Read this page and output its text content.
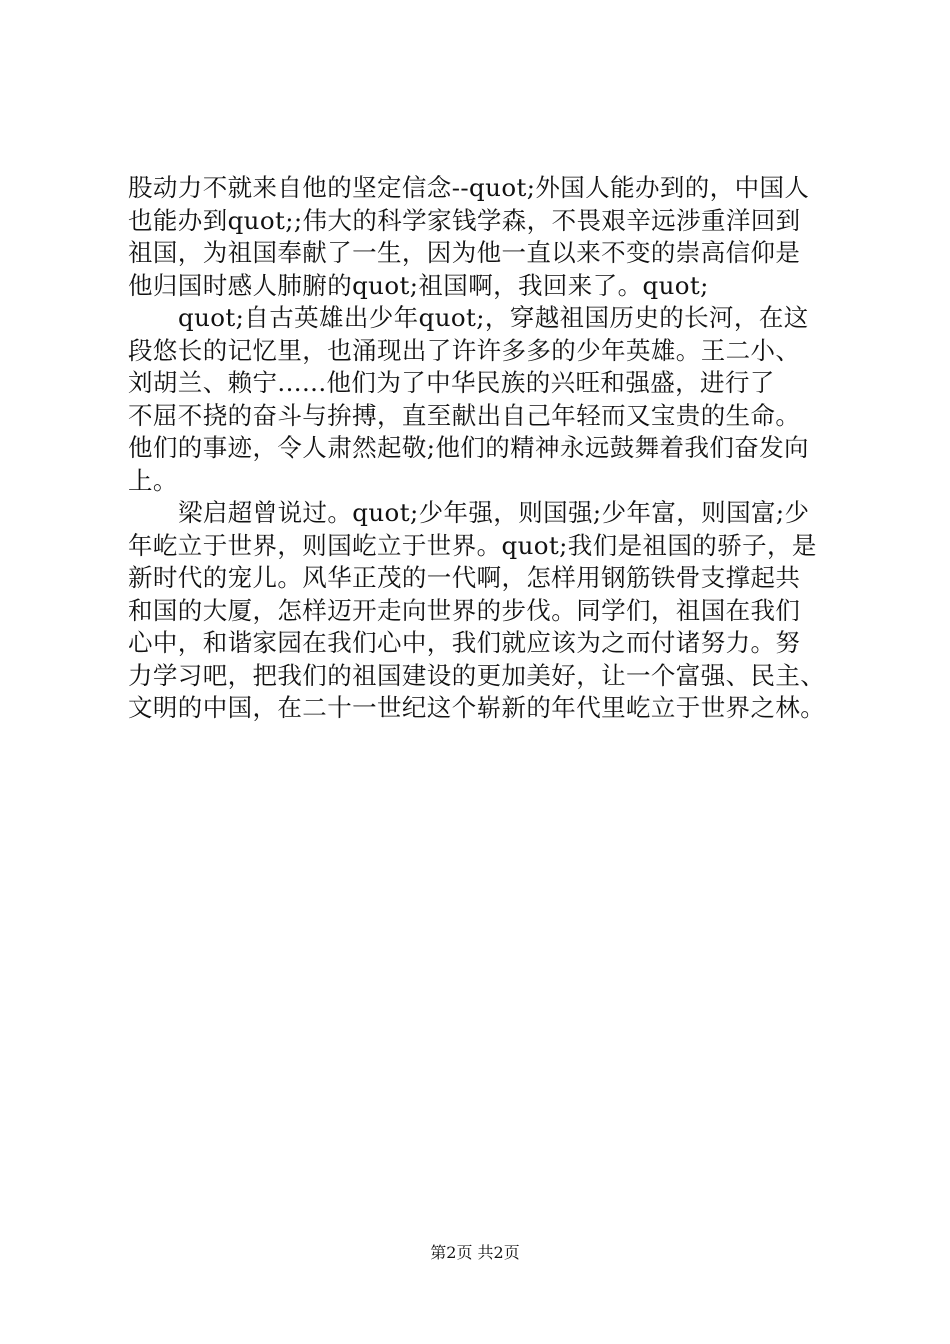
股动力不就来自他的坚定信念--quot;外国人能办到的，中国人
也能办到quot;;伟大的科学家钱学森，不畏艰辛远涉重洋回到
祖国，为祖国奉献了一生，因为他一直以来不变的崇高信仰是
他归国时感人肺腑的quot;祖国啊，我回来了。quot;
quot;自古英雄出少年quot;，穿越祖国历史的长河，在这
段悠长的记忆里，也涌现出了许许多多的少年英雄。王二小、
刘胡兰、赖宁......他们为了中华民族的兴旺和强盛，进行了
不屈不挠的奋斗与拚搏，直至献出自己年轻而又宝贵的生命。
他们的事迹，令人肃然起敬;他们的精神永远鼓舞着我们奋发向
上。
梁启超曾说过。quot;少年强，则国强;少年富，则国富;少
年屹立于世界，则国屹立于世界。quot;我们是祖国的骄子，是
新时代的宠儿。风华正茂的一代啊，怎样用钢筋铁骨支撑起共
和国的大厦，怎样迈开走向世界的步伐。同学们，祖国在我们
心中，和谐家园在我们心中，我们就应该为之而付诸努力。努
力学习吧，把我们的祖国建设的更加美好，让一个富强、民主、
文明的中国，在二十一世纪这个崭新的年代里屹立于世界之林。
第2页 共2页
